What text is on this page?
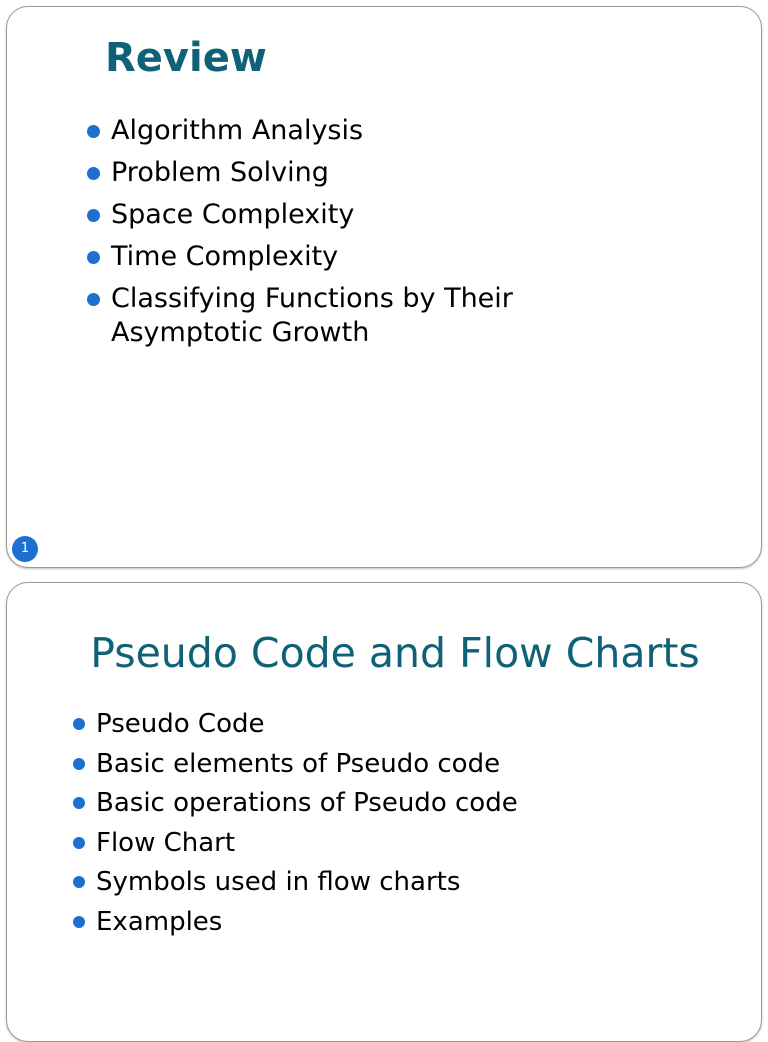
Review
Algorithm Analysis
Problem Solving
Space Complexity
Time Complexity
Classifying Functions by Their Asymptotic Growth
1
Pseudo Code and Flow Charts
Pseudo Code
Basic elements of Pseudo code
Basic operations of Pseudo code
Flow Chart
Symbols used in flow charts
Examples
